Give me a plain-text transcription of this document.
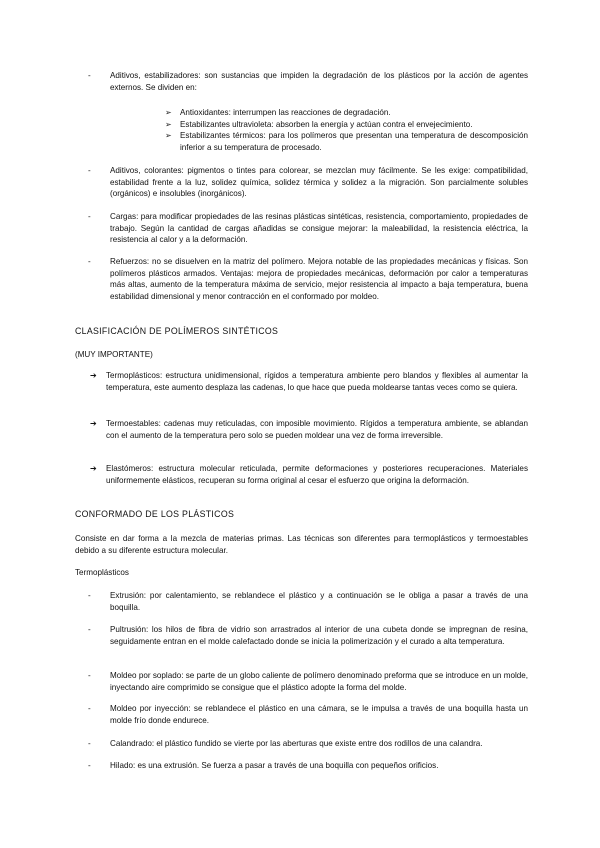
-	Aditivos, estabilizadores: son sustancias que impiden la degradación de los plásticos por la acción de agentes externos. Se dividen en:

➢	Antioxidantes: interrumpen las reacciones de degradación.

➢	Estabilizantes ultravioleta: absorben la energía y actúan contra el envejecimiento.

➢	Estabilizantes térmicos: para los polímeros que presentan una temperatura de descomposición inferior a su temperatura de procesado.

-	Aditivos, colorantes: pigmentos o tintes para colorear, se mezclan muy fácilmente. Se les exige: compatibilidad, estabilidad frente a la luz, solidez química, solidez térmica y solidez a la migración. Son parcialmente solubles (orgánicos) e insolubles (inorgánicos).

-	Cargas: para modificar propiedades de las resinas plásticas sintéticas, resistencia, comportamiento, propiedades de trabajo. Según la cantidad de cargas añadidas se consigue mejorar: la maleabilidad, la resistencia eléctrica, la resistencia al calor y a la deformación.

-	Refuerzos: no se disuelven en la matriz del polímero. Mejora notable de las propiedades mecánicas y físicas. Son polímeros plásticos armados. Ventajas: mejora de propiedades mecánicas, deformación por calor a temperaturas más altas, aumento de la temperatura máxima de servicio, mejor resistencia al impacto a baja temperatura, buena estabilidad dimensional y menor contracción en el conformado por moldeo.

CLASIFICACIÓN DE POLÍMEROS SINTÉTICOS
(MUY IMPORTANTE)
➔	Termoplásticos: estructura unidimensional, rígidos a temperatura ambiente pero blandos y flexibles al aumentar la temperatura, este aumento desplaza las cadenas, lo que hace que pueda moldearse tantas veces como se quiera.

➔	Termoestables: cadenas muy reticuladas, con imposible movimiento. Rígidos a temperatura ambiente, se ablandan con el aumento de la temperatura pero solo se pueden moldear una vez de forma irreversible.

➔	Elastómeros: estructura molecular reticulada, permite deformaciones y posteriores recuperaciones. Materiales uniformemente elásticos, recuperan su forma original al cesar el esfuerzo que origina la deformación.

CONFORMADO DE LOS PLÁSTICOS

Consiste en dar forma a la mezcla de materias primas. Las técnicas son diferentes para termoplásticos y termoestables debido a su diferente estructura molecular.

Termoplásticos
-	Extrusión: por calentamiento, se reblandece el plástico y a continuación se le obliga a pasar a través de una boquilla.

-	Pultrusión: los hilos de fibra de vidrio son arrastrados al interior de una cubeta donde se impregnan de resina, seguidamente entran en el molde calefactado donde se inicia la polimerización y el curado a alta temperatura.

-	Moldeo por soplado: se parte de un globo caliente de polímero denominado preforma que se introduce en un molde, inyectando aire comprimido se consigue que el plástico adopte la forma del molde.

-	Moldeo por inyección: se reblandece el plástico en una cámara, se le impulsa a través de una boquilla hasta un molde frío donde endurece.

-	Calandrado: el plástico fundido se vierte por las aberturas que existe entre dos rodillos de una calandra.

-	Hilado: es una extrusión. Se fuerza a pasar a través de una boquilla con pequeños orificios.
